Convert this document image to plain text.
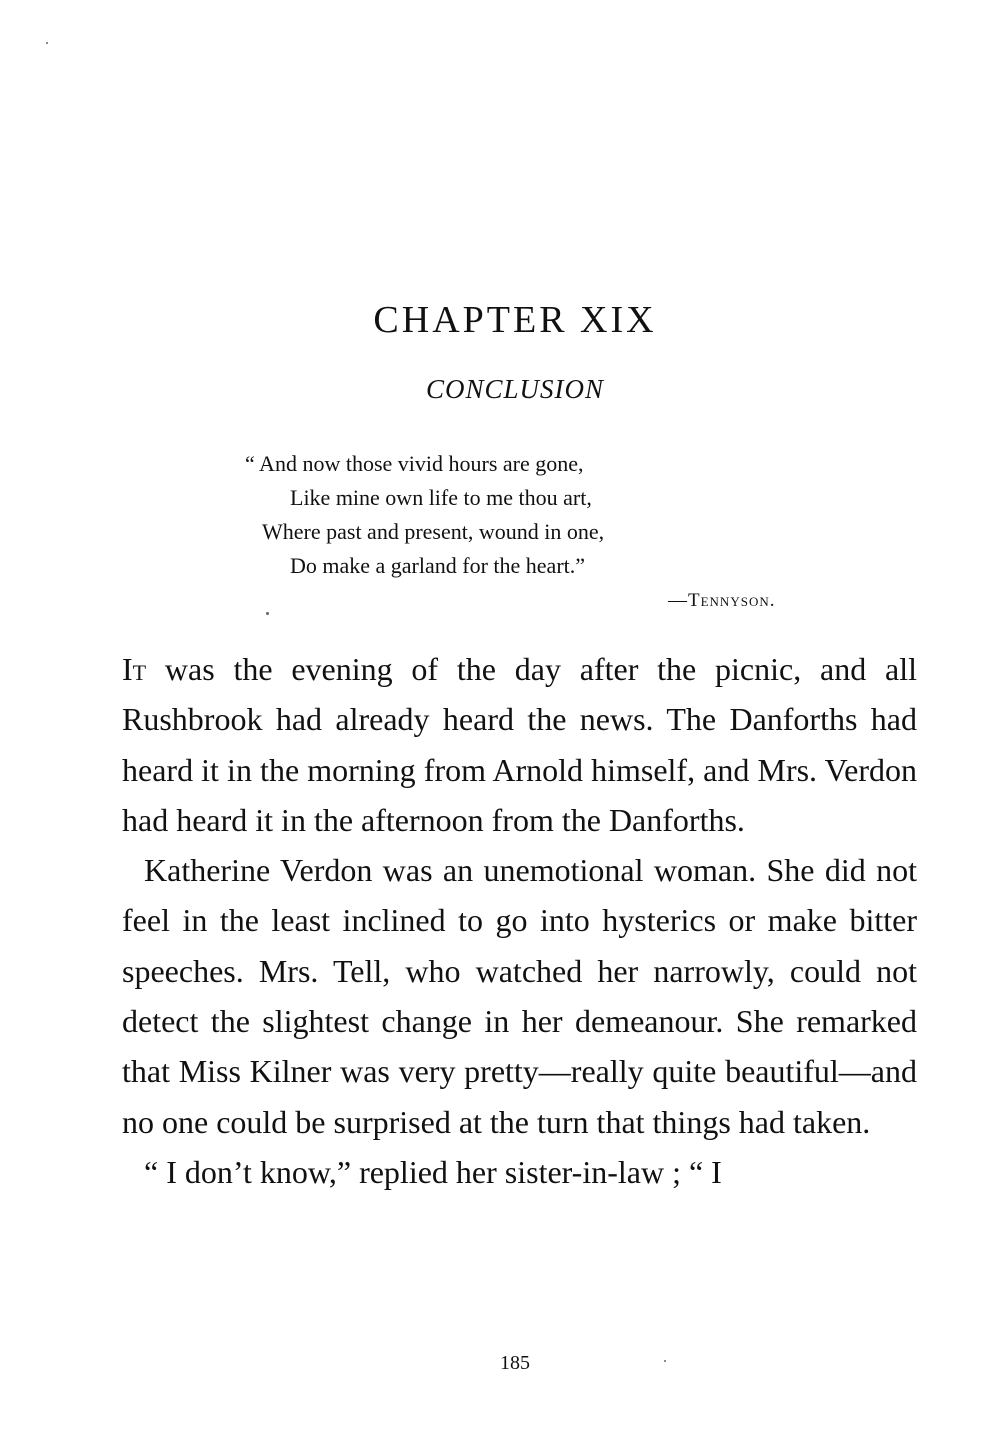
CHAPTER XIX
CONCLUSION
“ And now those vivid hours are gone,
Like mine own life to me thou art,
Where past and present, wound in one,
Do make a garland for the heart.”
—Tennyson.

It was the evening of the day after the picnic, and all Rushbrook had already heard the news. The Danforths had heard it in the morning from Arnold himself, and Mrs. Verdon had heard it in the afternoon from the Danforths.

Katherine Verdon was an unemotional woman. She did not feel in the least inclined to go into hysterics or make bitter speeches. Mrs. Tell, who watched her narrowly, could not detect the slightest change in her demeanour. She remarked that Miss Kilner was very pretty—really quite beautiful—and no one could be surprised at the turn that things had taken.

“ I don’t know,” replied her sister-in-law ; “ I

185
